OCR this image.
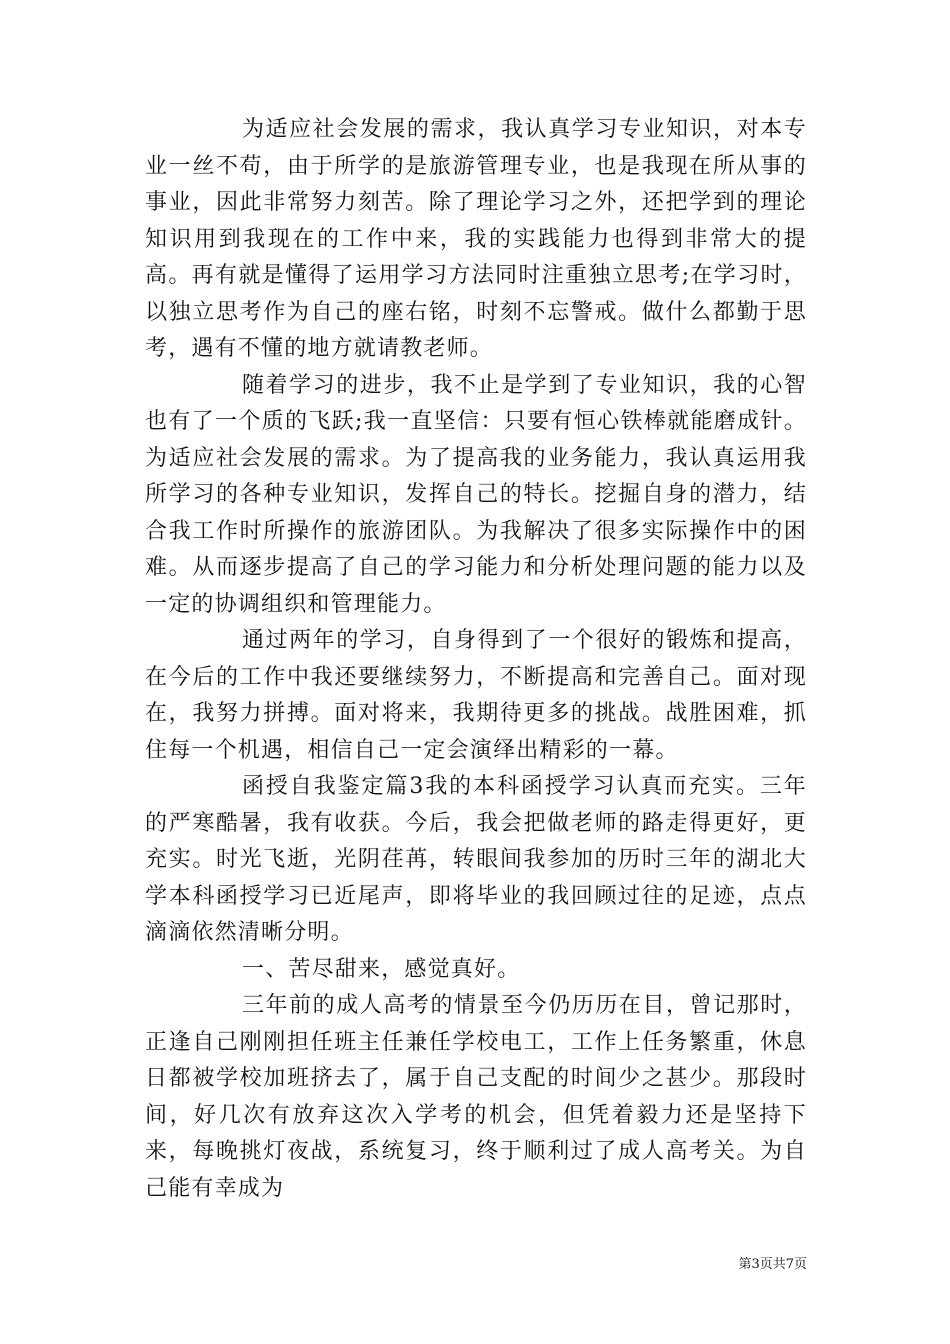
为适应社会发展的需求，我认真学习专业知识，对本专业一丝不苟，由于所学的是旅游管理专业，也是我现在所从事的事业，因此非常努力刻苦。除了理论学习之外，还把学到的理论知识用到我现在的工作中来，我的实践能力也得到非常大的提高。再有就是懂得了运用学习方法同时注重独立思考;在学习时，以独立思考作为自己的座右铭，时刻不忘警戒。做什么都勤于思考，遇有不懂的地方就请教老师。

随着学习的进步，我不止是学到了专业知识，我的心智也有了一个质的飞跃;我一直坚信：只要有恒心铁棒就能磨成针。为适应社会发展的需求。为了提高我的业务能力，我认真运用我所学习的各种专业知识，发挥自己的特长。挖掘自身的潜力，结合我工作时所操作的旅游团队。为我解决了很多实际操作中的困难。从而逐步提高了自己的学习能力和分析处理问题的能力以及一定的协调组织和管理能力。

通过两年的学习，自身得到了一个很好的锻炼和提高，在今后的工作中我还要继续努力，不断提高和完善自己。面对现在，我努力拼搏。面对将来，我期待更多的挑战。战胜困难，抓住每一个机遇，相信自己一定会演绎出精彩的一幕。

函授自我鉴定篇3我的本科函授学习认真而充实。三年的严寒酷暑，我有收获。今后，我会把做老师的路走得更好，更充实。时光飞逝，光阴荏苒，转眼间我参加的历时三年的湖北大学本科函授学习已近尾声，即将毕业的我回顾过往的足迹，点点滴滴依然清晰分明。

一、苦尽甜来，感觉真好。

三年前的成人高考的情景至今仍历历在目，曾记那时，正逢自己刚刚担任班主任兼任学校电工，工作上任务繁重，休息日都被学校加班挤去了，属于自己支配的时间少之甚少。那段时间，好几次有放弃这次入学考的机会，但凭着毅力还是坚持下来，每晚挑灯夜战，系统复习，终于顺利过了成人高考关。为自己能有幸成为

第3页共7页
